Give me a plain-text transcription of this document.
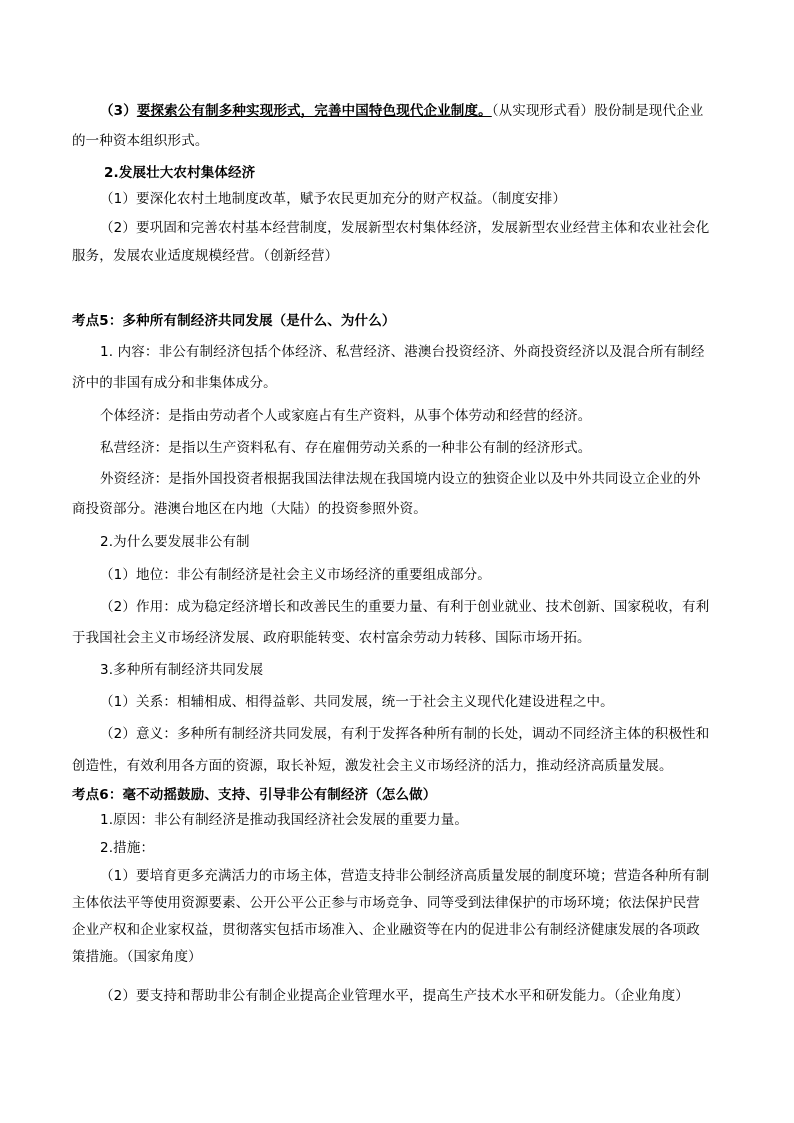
（3）要探索公有制多种实现形式，完善中国特色现代企业制度。（从实现形式看）股份制是现代企业
的一种资本组织形式。
2.发展壮大农村集体经济
（1）要深化农村土地制度改革，赋予农民更加充分的财产权益。（制度安排）
（2）要巩固和完善农村基本经营制度，发展新型农村集体经济，发展新型农业经营主体和农业社会化
服务，发展农业适度规模经营。（创新经营）
考点5：多种所有制经济共同发展（是什么、为什么）
1. 内容：非公有制经济包括个体经济、私营经济、港澳台投资经济、外商投资经济以及混合所有制经
济中的非国有成分和非集体成分。
个体经济：是指由劳动者个人或家庭占有生产资料，从事个体劳动和经营的经济。
私营经济：是指以生产资料私有、存在雇佣劳动关系的一种非公有制的经济形式。
外资经济：是指外国投资者根据我国法律法规在我国境内设立的独资企业以及中外共同设立企业的外
商投资部分。港澳台地区在内地（大陆）的投资参照外资。
2.为什么要发展非公有制
（1）地位：非公有制经济是社会主义市场经济的重要组成部分。
（2）作用：成为稳定经济增长和改善民生的重要力量、有利于创业就业、技术创新、国家税收，有利
于我国社会主义市场经济发展、政府职能转变、农村富余劳动力转移、国际市场开拓。
3.多种所有制经济共同发展
（1）关系：相辅相成、相得益彰、共同发展，统一于社会主义现代化建设进程之中。
（2）意义：多种所有制经济共同发展，有利于发挥各种所有制的长处，调动不同经济主体的积极性和
创造性，有效利用各方面的资源，取长补短，激发社会主义市场经济的活力，推动经济高质量发展。
考点6：毫不动摇鼓励、支持、引导非公有制经济（怎么做）
1.原因：非公有制经济是推动我国经济社会发展的重要力量。
2.措施：
（1）要培育更多充满活力的市场主体，营造支持非公制经济高质量发展的制度环境；营造各种所有制
主体依法平等使用资源要素、公开公平公正参与市场竞争、同等受到法律保护的市场环境；依法保护民营
企业产权和企业家权益，贯彻落实包括市场准入、企业融资等在内的促进非公有制经济健康发展的各项政
策措施。（国家角度）
（2）要支持和帮助非公有制企业提高企业管理水平，提高生产技术水平和研发能力。（企业角度）
